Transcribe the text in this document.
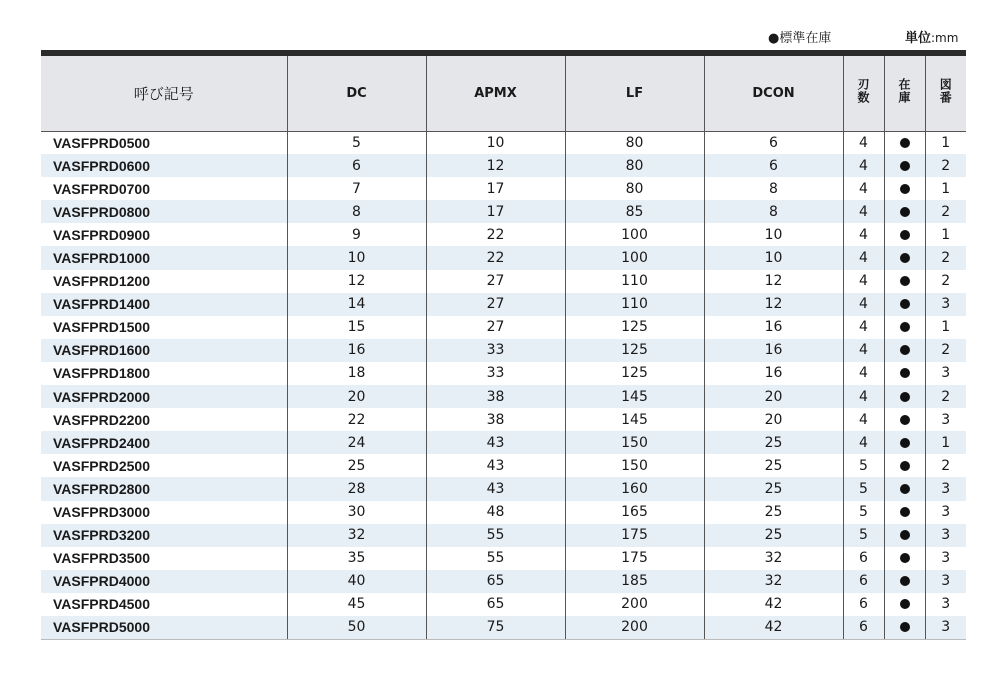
●標準在庫	単位:mm
呼び記号	DC	APMX	LF	DCON	刃数	在庫	図番
VASFPRD0500	5	10	80	6	4		1
VASFPRD0600	6	12	80	6	4		2
VASFPRD0700	7	17	80	8	4		1
VASFPRD0800	8	17	85	8	4		2
VASFPRD0900	9	22	100	10	4		1
VASFPRD1000	10	22	100	10	4		2
VASFPRD1200	12	27	110	12	4		2
VASFPRD1400	14	27	110	12	4		3
VASFPRD1500	15	27	125	16	4		1
VASFPRD1600	16	33	125	16	4		2
VASFPRD1800	18	33	125	16	4		3
VASFPRD2000	20	38	145	20	4		2
VASFPRD2200	22	38	145	20	4		3
VASFPRD2400	24	43	150	25	4		1
VASFPRD2500	25	43	150	25	5		2
VASFPRD2800	28	43	160	25	5		3
VASFPRD3000	30	48	165	25	5		3
VASFPRD3200	32	55	175	25	5		3
VASFPRD3500	35	55	175	32	6		3
VASFPRD4000	40	65	185	32	6		3
VASFPRD4500	45	65	200	42	6		3
VASFPRD5000	50	75	200	42	6		3
